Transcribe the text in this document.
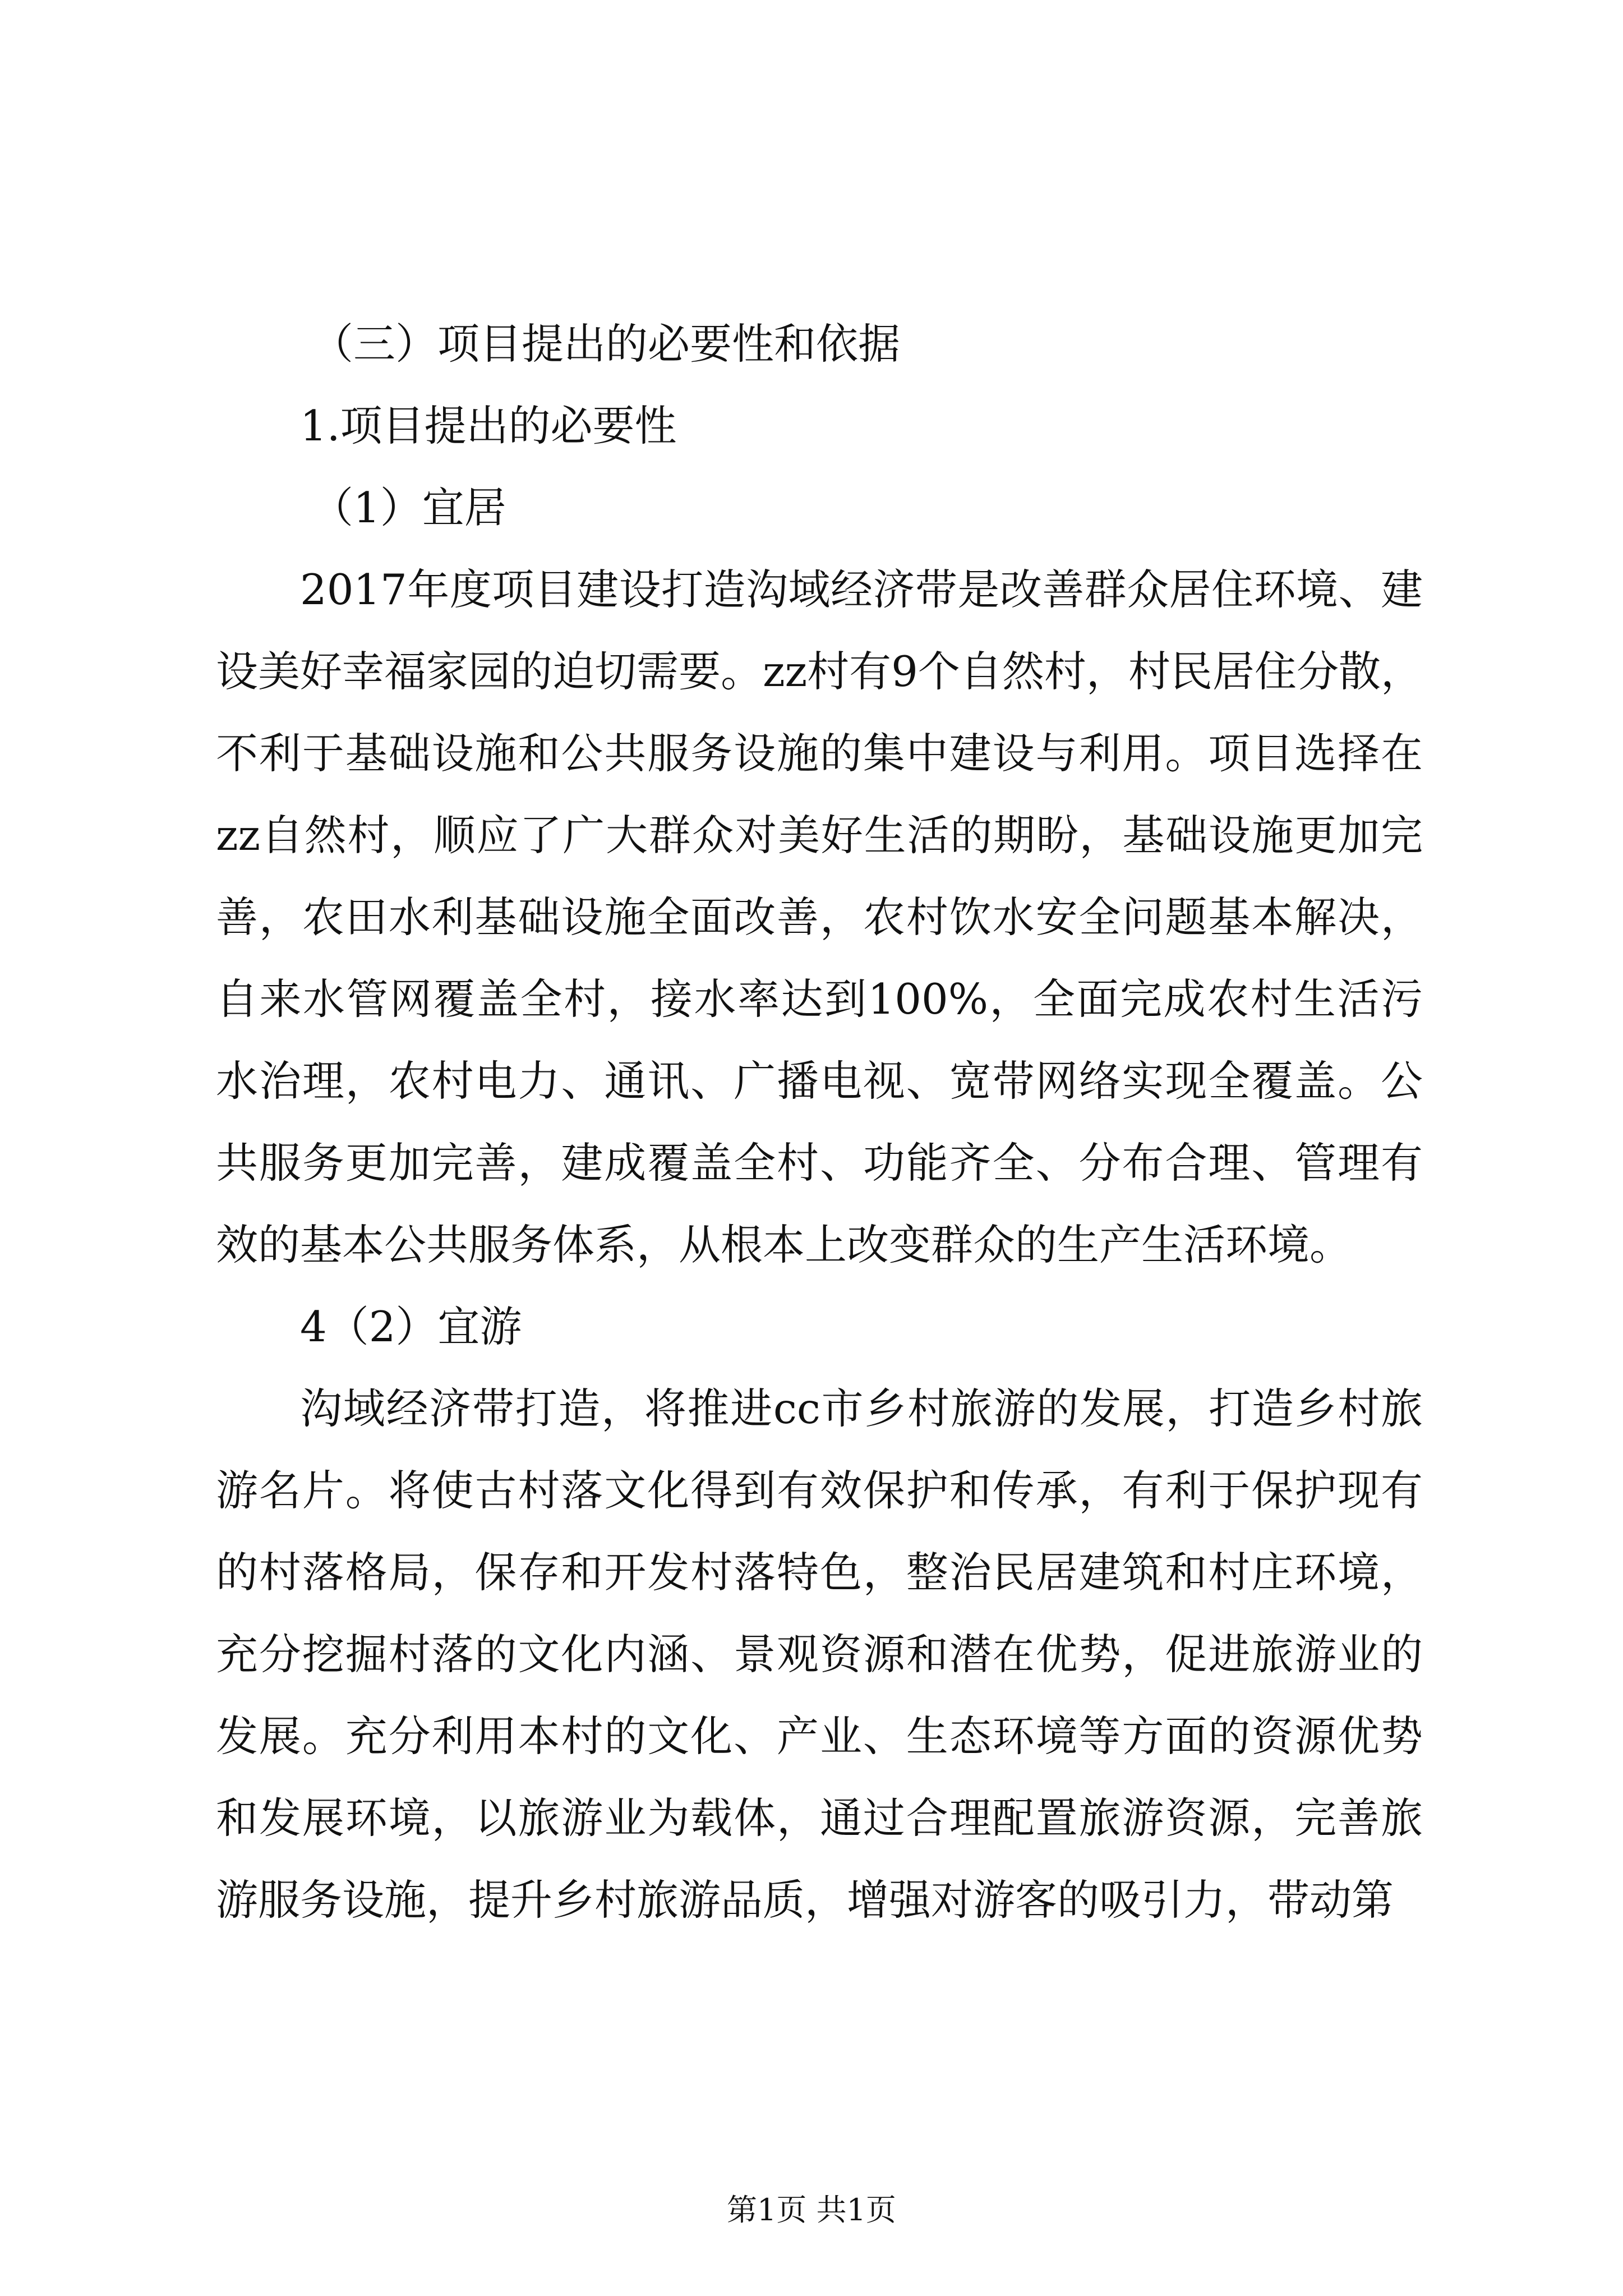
（三）项目提出的必要性和依据

1.项目提出的必要性

（1）宜居

2017年度项目建设打造沟域经济带是改善群众居住环境、建设美好幸福家园的迫切需要。zz村有9个自然村，村民居住分散，不利于基础设施和公共服务设施的集中建设与利用。项目选择在zz自然村，顺应了广大群众对美好生活的期盼，基础设施更加完善，农田水利基础设施全面改善，农村饮水安全问题基本解决，自来水管网覆盖全村，接水率达到100%，全面完成农村生活污水治理，农村电力、通讯、广播电视、宽带网络实现全覆盖。公共服务更加完善，建成覆盖全村、功能齐全、分布合理、管理有效的基本公共服务体系，从根本上改变群众的生产生活环境。

4（2）宜游

沟域经济带打造，将推进cc市乡村旅游的发展，打造乡村旅游名片。将使古村落文化得到有效保护和传承，有利于保护现有的村落格局，保存和开发村落特色，整治民居建筑和村庄环境，充分挖掘村落的文化内涵、景观资源和潜在优势，促进旅游业的发展。充分利用本村的文化、产业、生态环境等方面的资源优势和发展环境，以旅游业为载体，通过合理配置旅游资源，完善旅游服务设施，提升乡村旅游品质，增强对游客的吸引力，带动第

第1页 共1页
